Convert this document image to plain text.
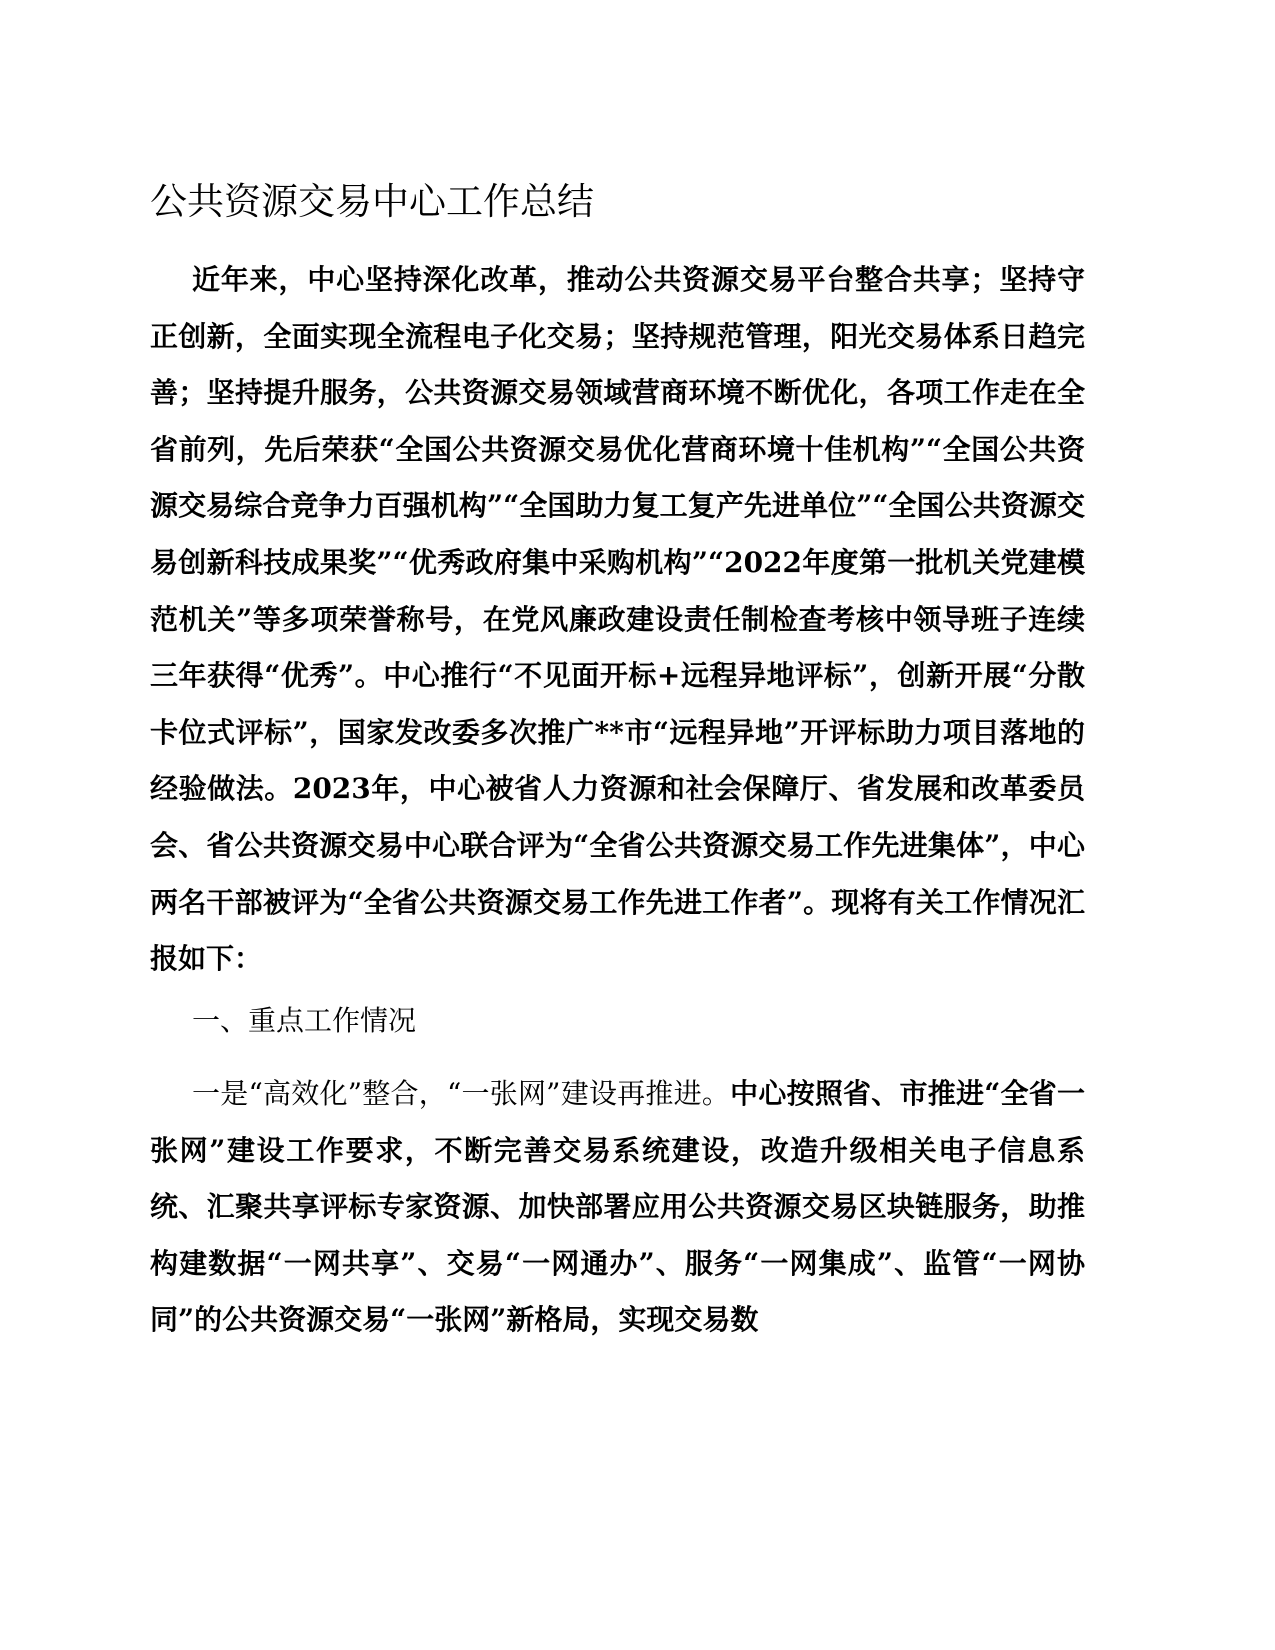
公共资源交易中心工作总结

近年来，中心坚持深化改革，推动公共资源交易平台整合共享；坚持守正创新，全面实现全流程电子化交易；坚持规范管理，阳光交易体系日趋完善；坚持提升服务，公共资源交易领域营商环境不断优化，各项工作走在全省前列，先后荣获“全国公共资源交易优化营商环境十佳机构”“全国公共资源交易综合竞争力百强机构”“全国助力复工复产先进单位”“全国公共资源交易创新科技成果奖”“优秀政府集中采购机构”“2022年度第一批机关党建模范机关”等多项荣誉称号，在党风廉政建设责任制检查考核中领导班子连续三年获得“优秀”。中心推行“不见面开标+远程异地评标”，创新开展“分散卡位式评标”，国家发改委多次推广**市“远程异地”开评标助力项目落地的经验做法。2023年，中心被省人力资源和社会保障厅、省发展和改革委员会、省公共资源交易中心联合评为“全省公共资源交易工作先进集体”，中心两名干部被评为“全省公共资源交易工作先进工作者”。现将有关工作情况汇报如下：

一、重点工作情况

一是“高效化”整合，“一张网”建设再推进。中心按照省、市推进“全省一张网”建设工作要求，不断完善交易系统建设，改造升级相关电子信息系统、汇聚共享评标专家资源、加快部署应用公共资源交易区块链服务，助推构建数据“一网共享”、交易“一网通办”、服务“一网集成”、监管“一网协同”的公共资源交易“一张网”新格局，实现交易数
